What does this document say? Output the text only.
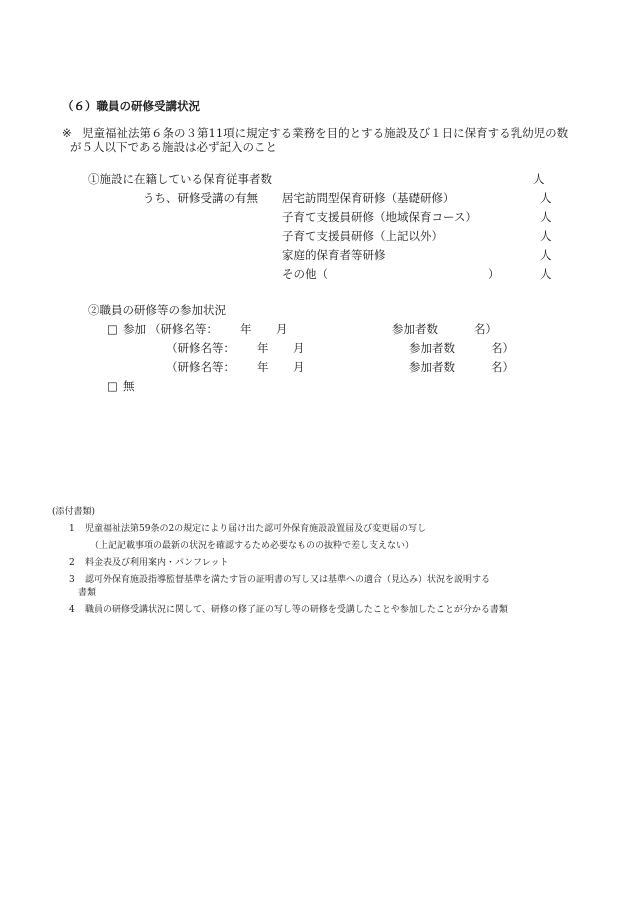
（６）職員の研修受講状況
※ 児童福祉法第６条の３第11項に規定する業務を目的とする施設及び１日に保育する乳幼児の数
が５人以下である施設は必ず記入のこと
①施設に在籍している保育従事者数	人
うち、研修受講の有無 居宅訪問型保育研修（基礎研修）	人
子育て支援員研修（地域保育コース）	人
子育て支援員研修（上記以外）	人
家庭的保育者等研修	人
その他（	）	人
②職員の研修等の参加状況
□ 参加 （研修名等： 年 月	参加者数	名）
（研修名等： 年 月	参加者数	名）
（研修名等： 年 月	参加者数	名）
□ 無
(添付書類)
1 児童福祉法第59条の2の規定により届け出た認可外保育施設設置届及び変更届の写し
（上記記載事項の最新の状況を確認するため必要なものの抜粋で差し支えない）
2 料金表及び利用案内・パンフレット
3 認可外保育施設指導監督基準を満たす旨の証明書の写し又は基準への適合（見込み）状況を説明する
書類
4 職員の研修受講状況に関して、研修の修了証の写し等の研修を受講したことや参加したことが分かる書類
